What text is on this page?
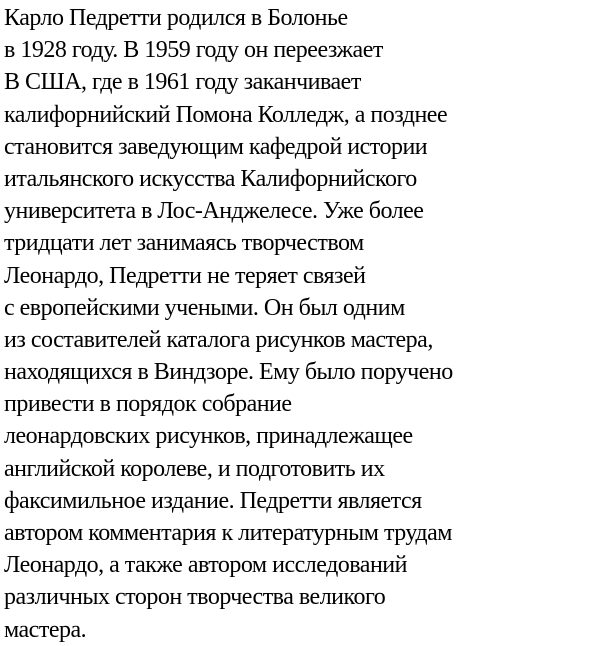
Карло Педретти родился в Болонье
в 1928 году. В 1959 году он переезжает
В США, где в 1961 году заканчивает
калифорнийский Помона Колледж, а позднее
становится заведующим кафедрой истории
итальянского искусства Калифорнийского
университета в Лос-Анджелесе. Уже более
тридцати лет занимаясь творчеством
Леонардо, Педретти не теряет связей
с европейскими учеными. Он был одним
из составителей каталога рисунков мастера,
находящихся в Виндзоре. Ему было поручено
привести в порядок собрание
леонардовских рисунков, принадлежащее
английской королеве, и подготовить их
факсимильное издание. Педретти является
автором комментария к литературным трудам
Леонардо, а также автором исследований
различных сторон творчества великого
мастера.
